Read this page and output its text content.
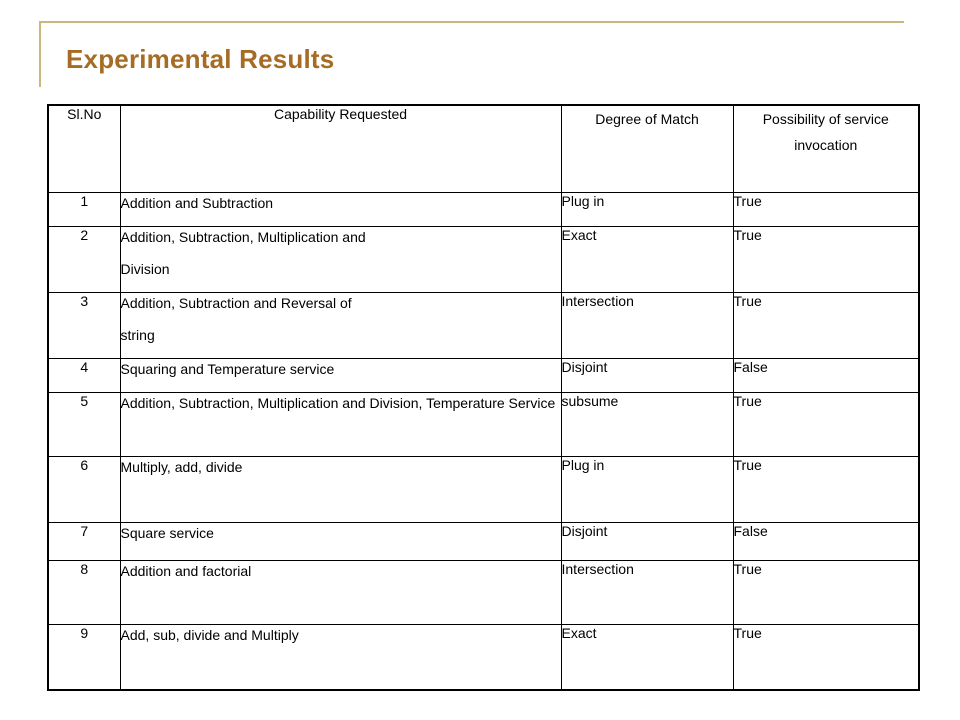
Experimental Results
Sl.No	Capability Requested	Degree of Match	Possibility of service invocation
1	Addition and Subtraction	Plug in	True
2	Addition, Subtraction, Multiplication and
Division	Exact	True
3	Addition, Subtraction and Reversal of
string	Intersection	True
4	Squaring and Temperature service	Disjoint	False
5	Addition, Subtraction, Multiplication and Division, Temperature Service	subsume	True
6	Multiply, add, divide	Plug in	True
7	Square service	Disjoint	False
8	Addition and factorial	Intersection	True
9	Add, sub, divide and Multiply	Exact	True
